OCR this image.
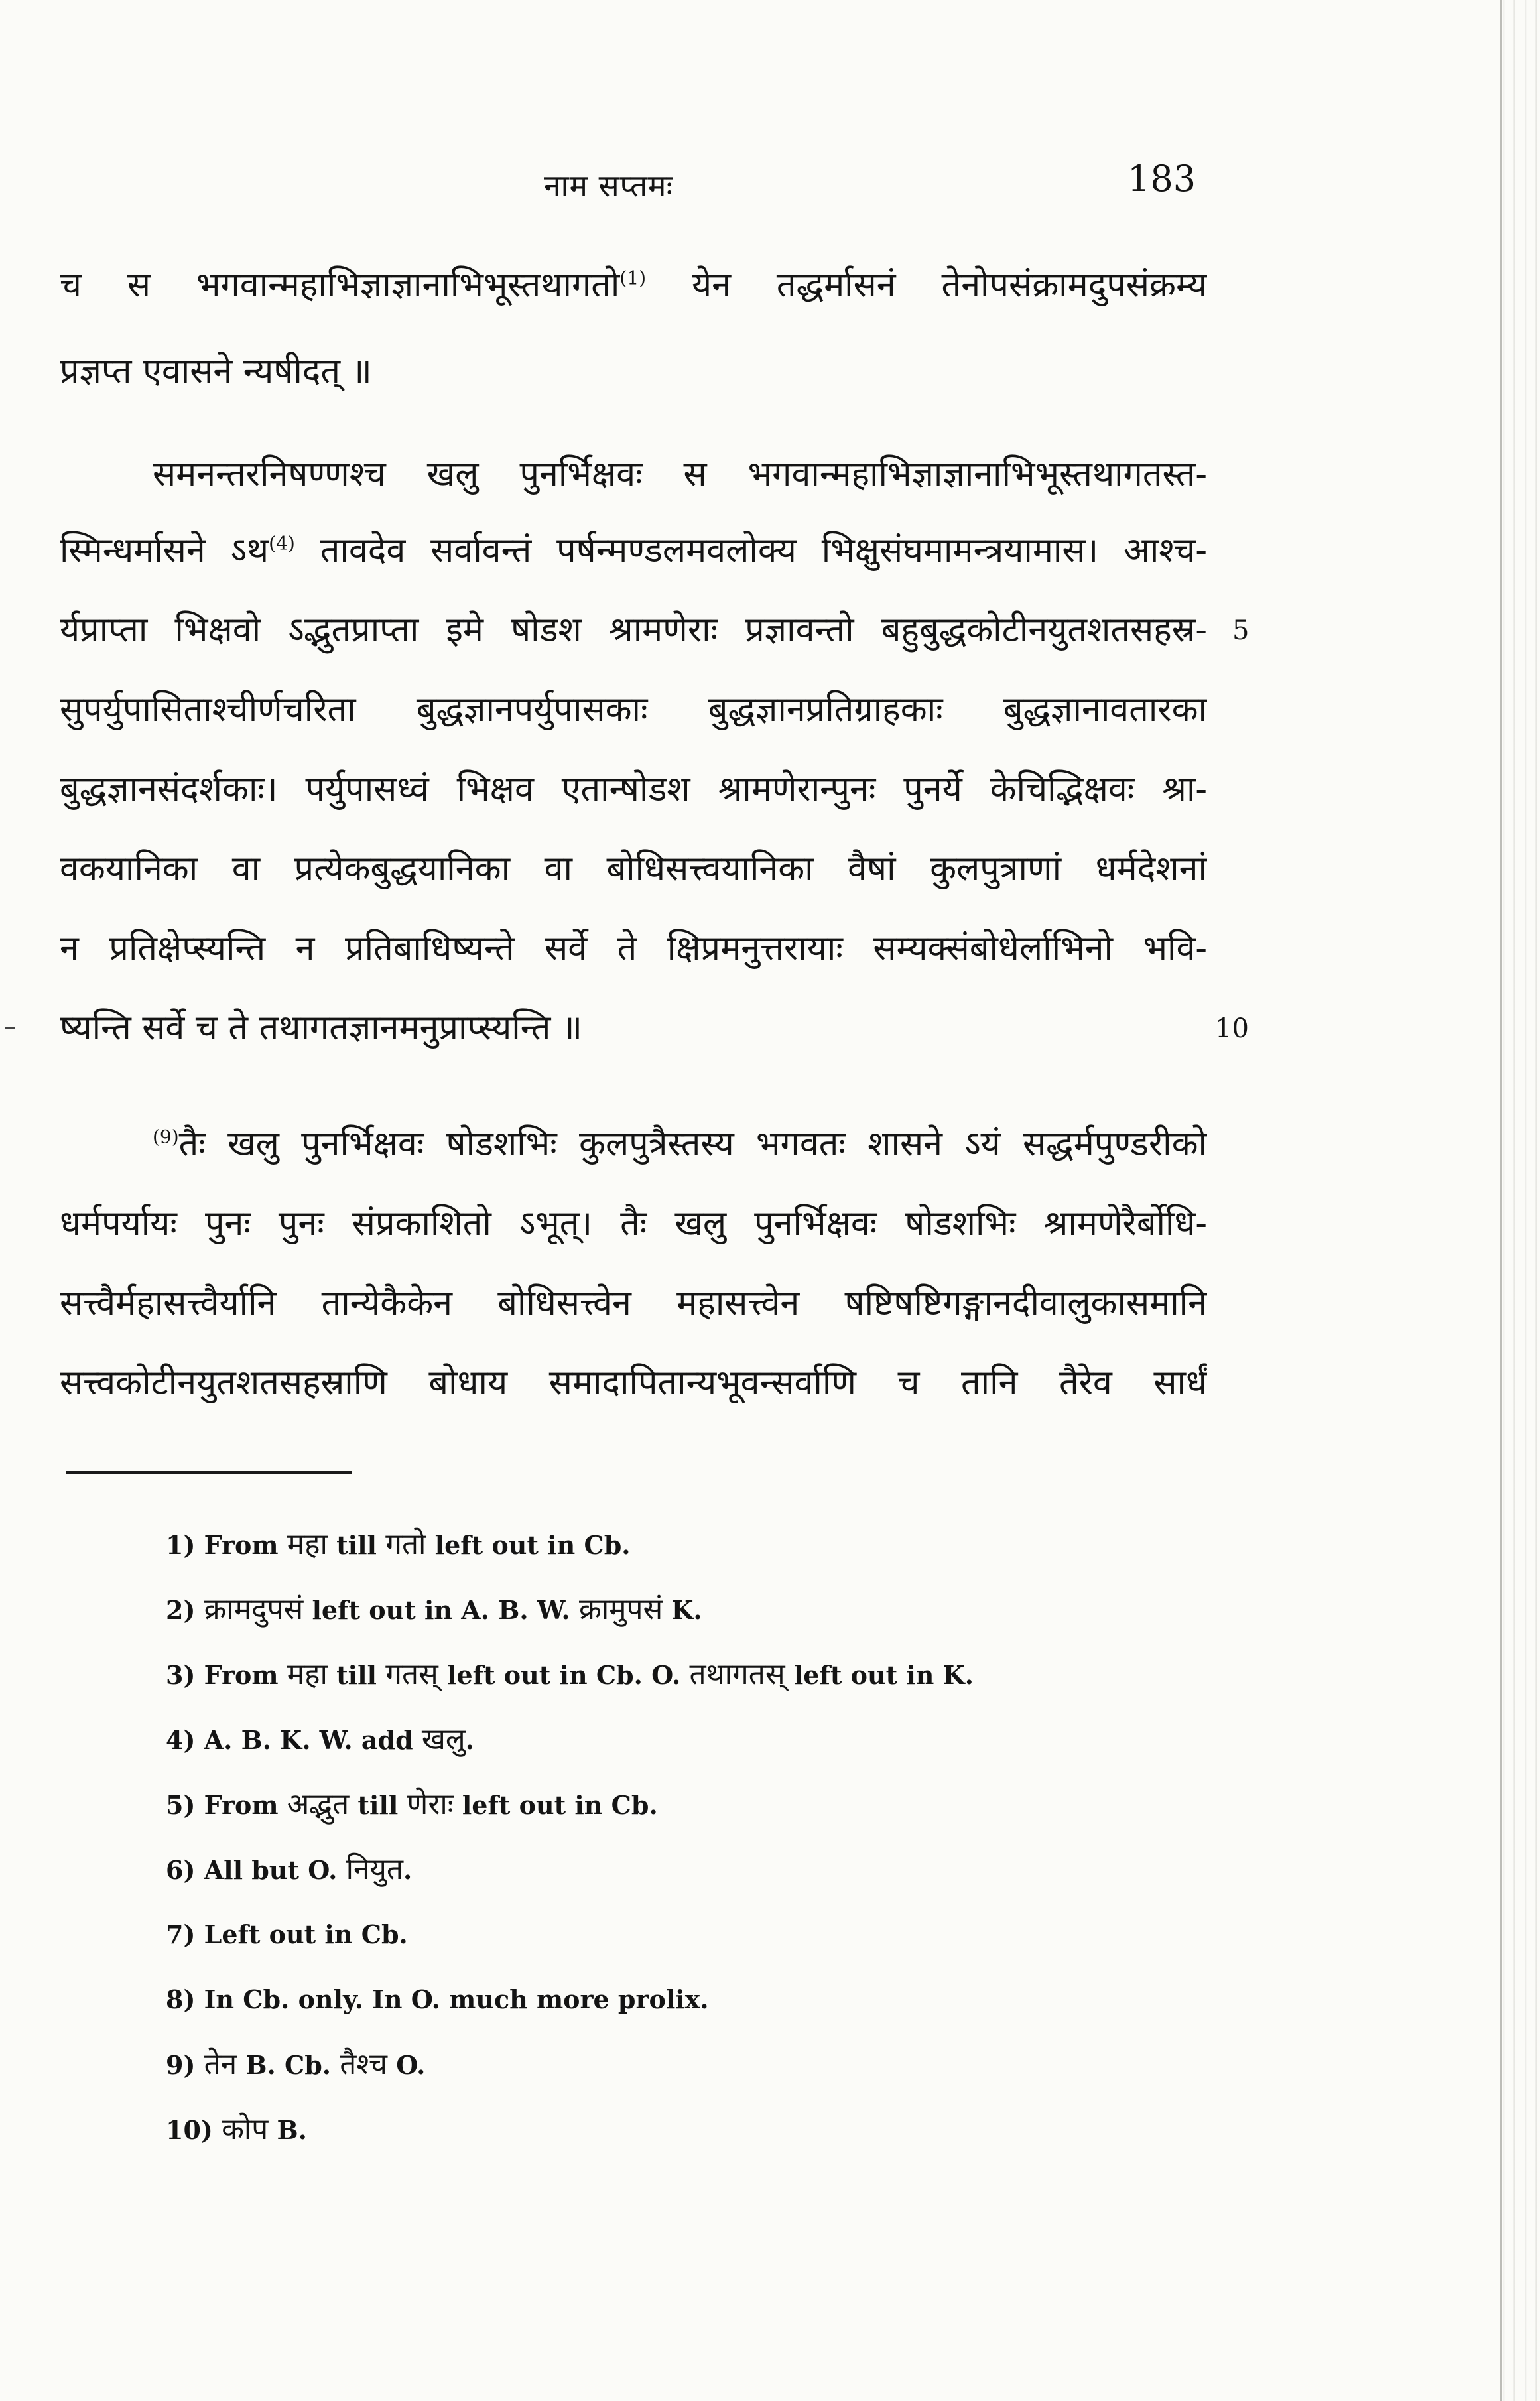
नाम सप्तमः	183
च स भगवान्महाभिज्ञाज्ञानाभिभूस्तथागतो$^{(1)}$ येन तद्धर्मासनं तेनोपसंक्रामदुपसंक्रम्य
प्रज्ञप्त एवासने न्यषीदत् ॥
समनन्तरनिषण्णश्च खलु पुनर्भिक्षवः स भगवान्महाभिज्ञाज्ञानाभिभूस्तथागतस्त-
स्मिन्धर्मासने ऽथ$^{(4)}$ तावदेव सर्वावन्तं पर्षन्मण्डलमवलोक्य भिक्षुसंघमामन्त्रयामास। आश्च-
र्यप्राप्ता भिक्षवो ऽद्भुतप्राप्ता इमे षोडश श्रामणेराः प्रज्ञावन्तो बहुबुद्धकोटीनयुतशतसहस्र-
सुपर्युपासिताश्चीर्णचरिता बुद्धज्ञानपर्युपासकाः बुद्धज्ञानप्रतिग्राहकाः बुद्धज्ञानावतारका
बुद्धज्ञानसंदर्शकाः। पर्युपासध्वं भिक्षव एतान्षोडश श्रामणेरान्पुनः पुनर्ये केचिद्भिक्षवः श्रा-
वकयानिका वा प्रत्येकबुद्धयानिका वा बोधिसत्त्वयानिका वैषां कुलपुत्राणां धर्मदेशनां
न प्रतिक्षेप्स्यन्ति न प्रतिबाधिष्यन्ते सर्वे ते क्षिप्रमनुत्तरायाः सम्यक्संबोधेर्लाभिनो भवि-
ष्यन्ति सर्वे च ते तथागतज्ञानमनुप्राप्स्यन्ति ॥
$^{(9)}$तैः खलु पुनर्भिक्षवः षोडशभिः कुलपुत्रैस्तस्य भगवतः शासने ऽयं सद्धर्मपुण्डरीको
धर्मपर्यायः पुनः पुनः संप्रकाशितो ऽभूत्। तैः खलु पुनर्भिक्षवः षोडशभिः श्रामणेरैर्बोधि-
सत्त्वैर्महासत्त्वैर्यानि तान्येकैकेन बोधिसत्त्वेन महासत्त्वेन षष्टिषष्टिगङ्गानदीवालुकासमानि
सत्त्वकोटीनयुतशतसहस्राणि बोधाय समादापितान्यभूवन्सर्वाणि च तानि तैरेव सार्धं
5
10
1) From महा till गतो left out in Cb.
2) क्रामदुपसं left out in A. B. W. क्रामुपसं K.
3) From महा till गतस् left out in Cb. O. तथागतस् left out in K.
4) A. B. K. W. add खलु.
5) From अद्भुत till णेराः left out in Cb.
6) All but O. नियुत.
7) Left out in Cb.
8) In Cb. only. In O. much more prolix.
9) तेन B. Cb. तैश्च O.
10) कोप B.
